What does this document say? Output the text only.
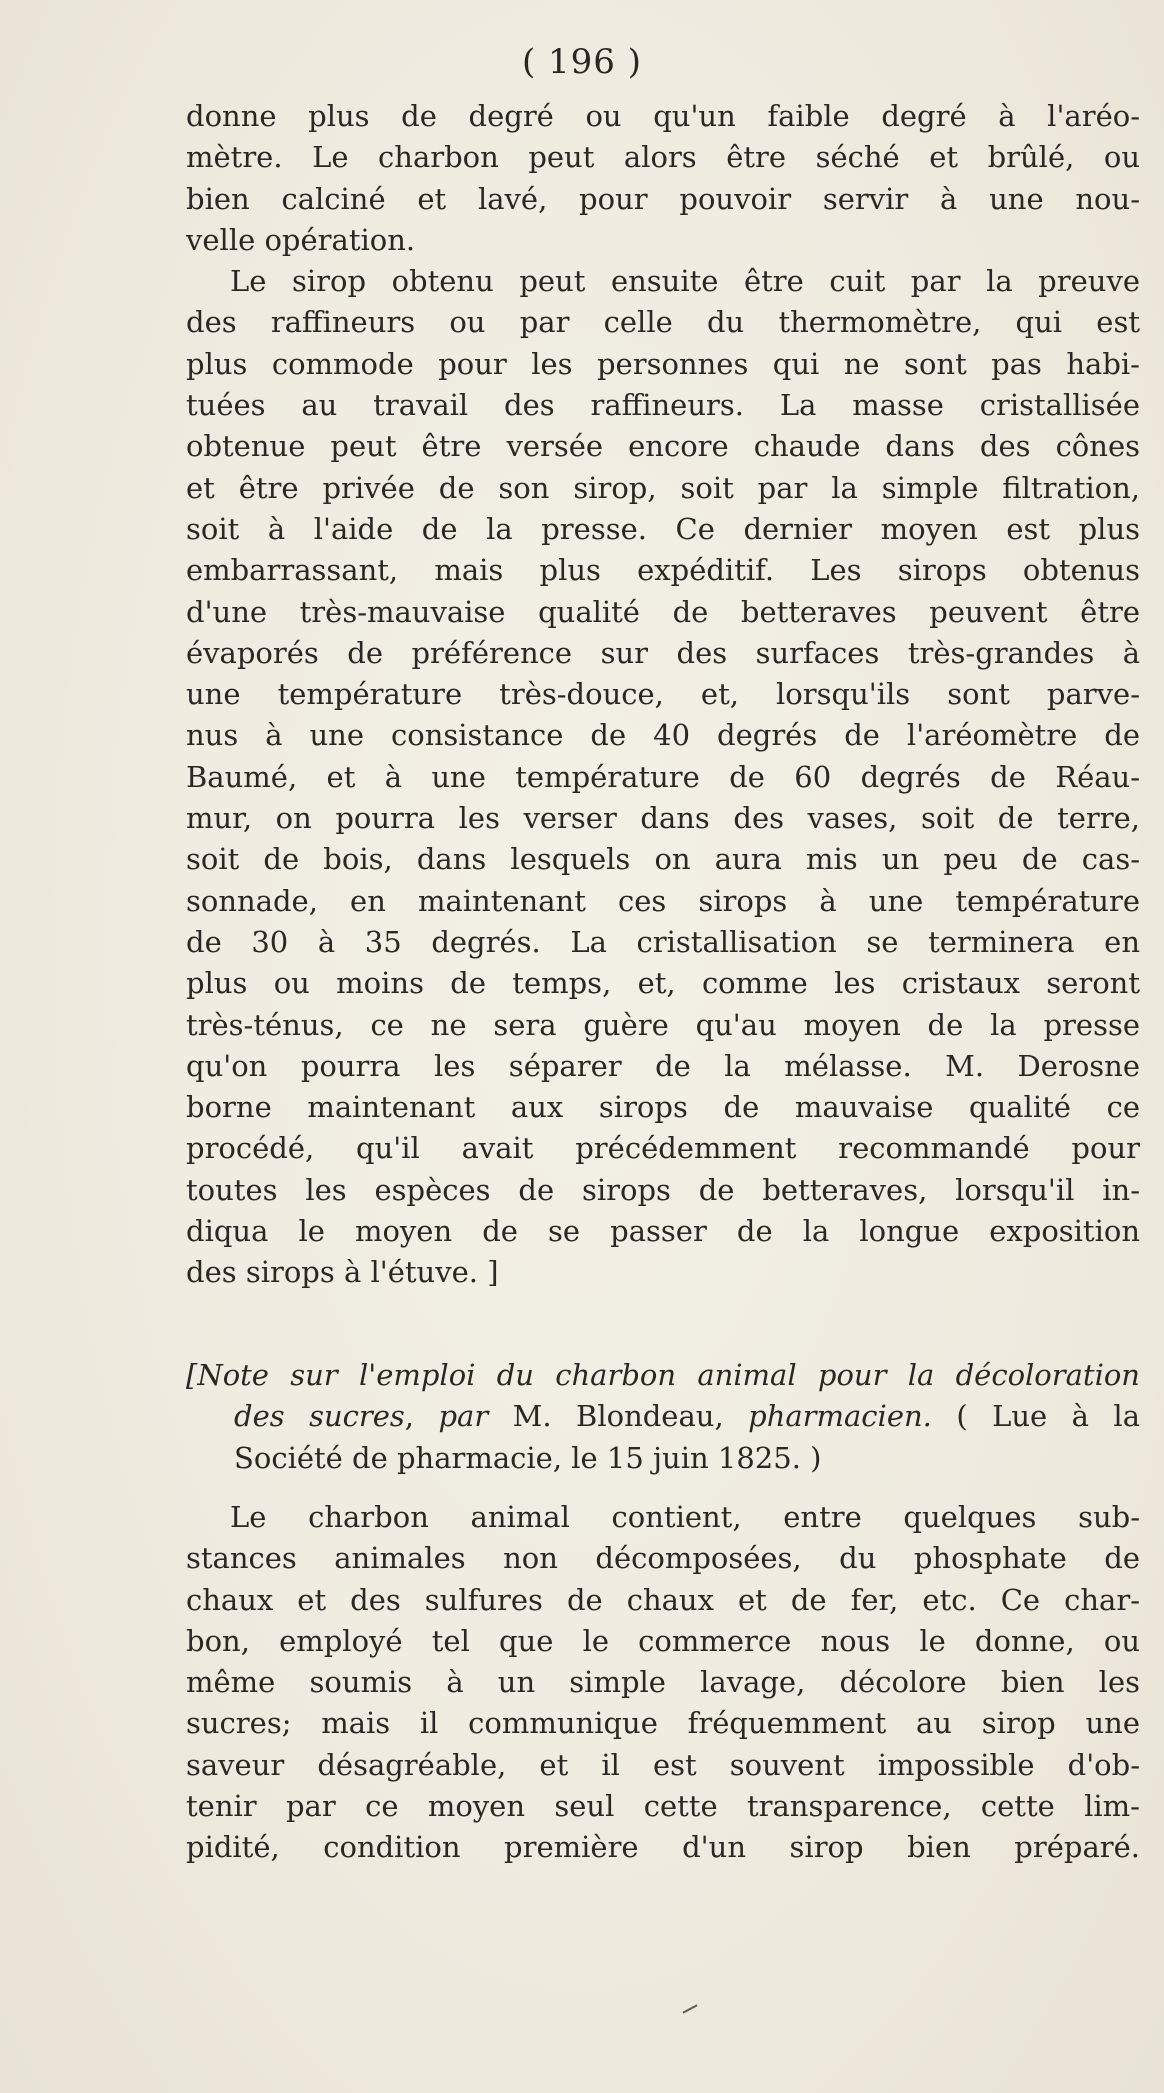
( 196 )
donne plus de degré ou qu'un faible degré à l'aréo-
mètre. Le charbon peut alors être séché et brûlé, ou
bien calciné et lavé, pour pouvoir servir à une nou-
velle opération.
Le sirop obtenu peut ensuite être cuit par la preuve
des raffineurs ou par celle du thermomètre, qui est
plus commode pour les personnes qui ne sont pas habi-
tuées au travail des raffineurs. La masse cristallisée
obtenue peut être versée encore chaude dans des cônes
et être privée de son sirop, soit par la simple filtration,
soit à l'aide de la presse. Ce dernier moyen est plus
embarrassant, mais plus expéditif. Les sirops obtenus
d'une très-mauvaise qualité de betteraves peuvent être
évaporés de préférence sur des surfaces très-grandes à
une température très-douce, et, lorsqu'ils sont parve-
nus à une consistance de 40 degrés de l'aréomètre de
Baumé, et à une température de 60 degrés de Réau-
mur, on pourra les verser dans des vases, soit de terre,
soit de bois, dans lesquels on aura mis un peu de cas-
sonnade, en maintenant ces sirops à une température
de 30 à 35 degrés. La cristallisation se terminera en
plus ou moins de temps, et, comme les cristaux seront
très-ténus, ce ne sera guère qu'au moyen de la presse
qu'on pourra les séparer de la mélasse. M. Derosne
borne maintenant aux sirops de mauvaise qualité ce
procédé, qu'il avait précédemment recommandé pour
toutes les espèces de sirops de betteraves, lorsqu'il in-
diqua le moyen de se passer de la longue exposition
des sirops à l'étuve. ]
[Note sur l'emploi du charbon animal pour la décoloration
des sucres, par M. Blondeau, pharmacien. ( Lue à la
Société de pharmacie, le 15 juin 1825. )
Le charbon animal contient, entre quelques sub-
stances animales non décomposées, du phosphate de
chaux et des sulfures de chaux et de fer, etc. Ce char-
bon, employé tel que le commerce nous le donne, ou
même soumis à un simple lavage, décolore bien les
sucres; mais il communique fréquemment au sirop une
saveur désagréable, et il est souvent impossible d'ob-
tenir par ce moyen seul cette transparence, cette lim-
pidité, condition première d'un sirop bien préparé.
